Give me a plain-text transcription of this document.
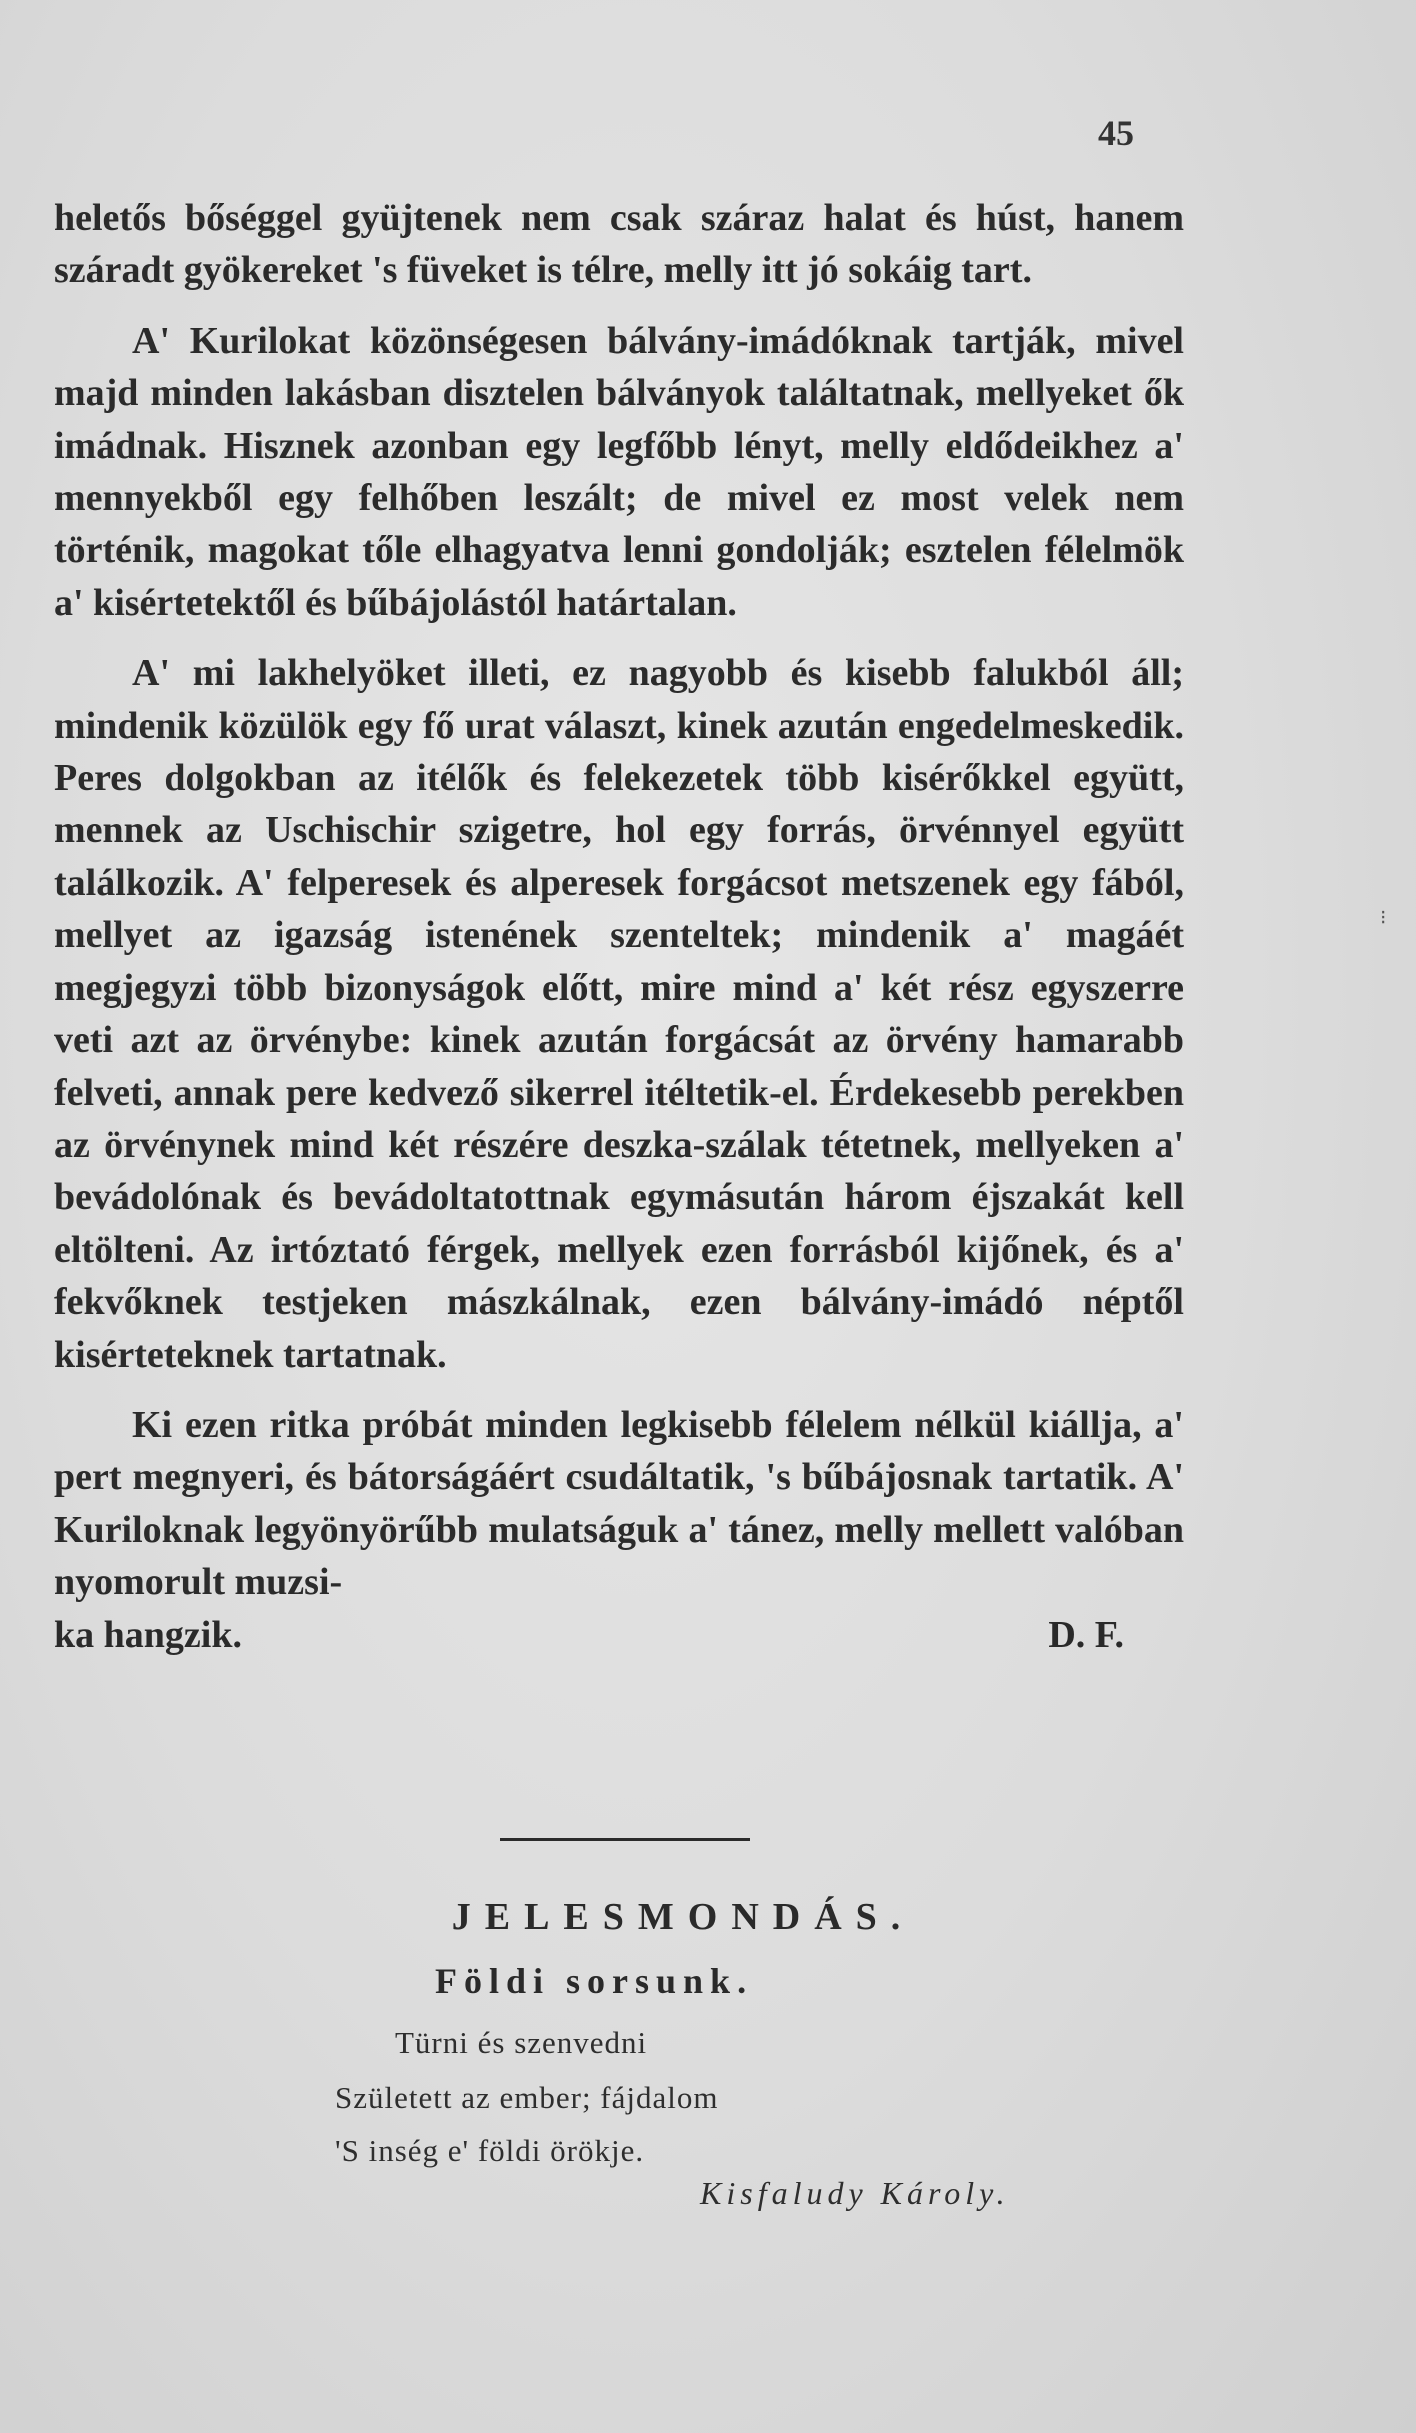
45
heletős bőséggel gyüjtenek nem csak száraz halat és húst, hanem száradt gyökereket 's füveket is télre, melly itt jó sokáig tart.
A' Kurilokat közönségesen bálvány-imádóknak tartják, mivel majd minden lakásban disztelen bálványok találtatnak, mellyeket ők imádnak. Hisznek azonban egy legfőbb lényt, melly eldődeikhez a' mennyekből egy felhőben leszált; de mivel ez most velek nem történik, magokat tőle elhagyatva lenni gondolják; esztelen félelmök a' kisértetektől és bűbájolástól határtalan.
A' mi lakhelyöket illeti, ez nagyobb és kisebb falukból áll; mindenik közülök egy fő urat választ, kinek azután engedelmeskedik. Peres dolgokban az itélők és felekezetek több kisérőkkel együtt, mennek az Uschischir szigetre, hol egy forrás, örvénnyel együtt találkozik. A' felperesek és alperesek forgácsot metszenek egy fából, mellyet az igazság istenének szenteltek; mindenik a' magáét megjegyzi több bizonyságok előtt, mire mind a' két rész egyszerre veti azt az örvénybe: kinek azután forgácsát az örvény hamarabb felveti, annak pere kedvező sikerrel itéltetik-el. Érdekesebb perekben az örvénynek mind két részére deszka-szálak tétetnek, mellyeken a' bevádolónak és bevádoltatottnak egymásután három éjszakát kell eltölteni. Az irtóztató férgek, mellyek ezen forrásból kijőnek, és a' fekvőknek testjeken mászkálnak, ezen bálvány-imádó néptől kisérteteknek tartatnak.
Ki ezen ritka próbát minden legkisebb félelem nélkül kiállja, a' pert megnyeri, és bátorságáért csudáltatik, 's bűbájosnak tartatik. A' Kuriloknak legyönyörűbb mulatságuk a' tánez, melly mellett valóban nyomorult muzsi-
ka hangzik.	D. F.
JELESMONDÁS.
Földi sorsunk.
Türni és szenvedni
Született az ember; fájdalom
'S inség e' földi örökje.
Kisfaludy Károly.
⁝
